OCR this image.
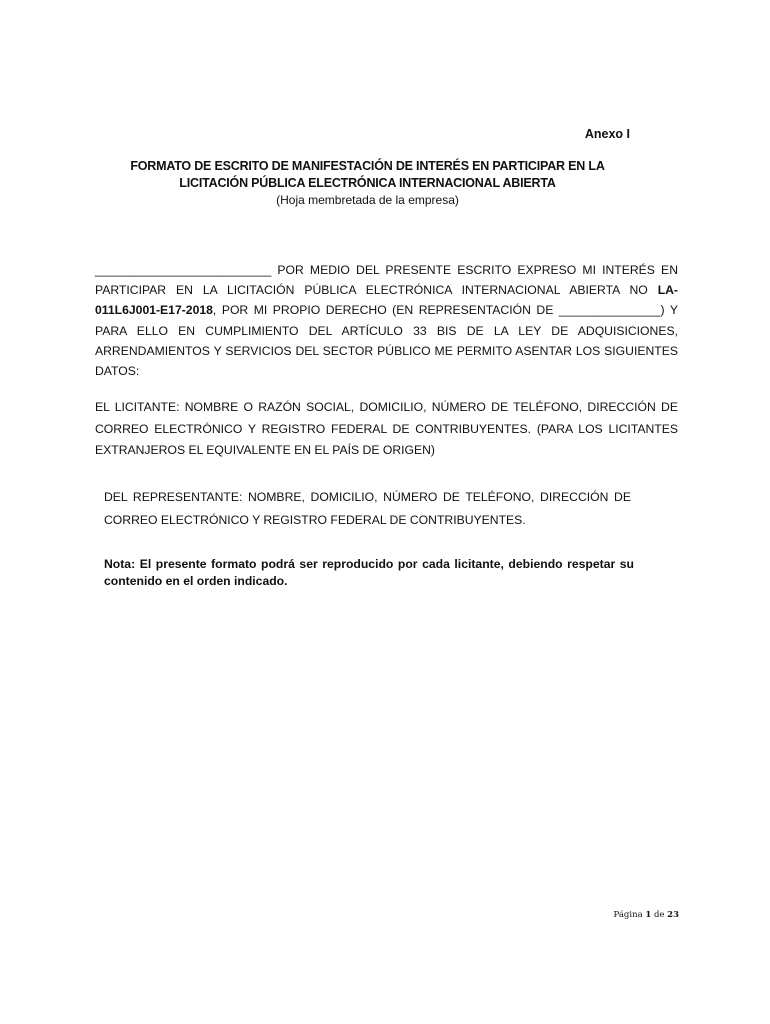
Anexo I
FORMATO DE ESCRITO DE MANIFESTACIÓN DE INTERÉS EN PARTICIPAR EN LA
LICITACIÓN PÚBLICA ELECTRÓNICA INTERNACIONAL ABIERTA
(Hoja membretada de la empresa)
__________________________ POR MEDIO DEL PRESENTE ESCRITO EXPRESO MI INTERÉS EN PARTICIPAR EN LA LICITACIÓN PÚBLICA ELECTRÓNICA INTERNACIONAL ABIERTA NO LA-011L6J001-E17-2018, POR MI PROPIO DERECHO (EN REPRESENTACIÓN DE _______________) Y PARA ELLO EN CUMPLIMIENTO DEL ARTÍCULO 33 BIS DE LA LEY DE ADQUISICIONES, ARRENDAMIENTOS Y SERVICIOS DEL SECTOR PÚBLICO ME PERMITO ASENTAR LOS SIGUIENTES DATOS:
EL LICITANTE: NOMBRE O RAZÓN SOCIAL, DOMICILIO, NÚMERO DE TELÉFONO, DIRECCIÓN DE CORREO ELECTRÓNICO Y REGISTRO FEDERAL DE CONTRIBUYENTES. (PARA LOS LICITANTES EXTRANJEROS EL EQUIVALENTE EN EL PAÍS DE ORIGEN)
DEL REPRESENTANTE: NOMBRE, DOMICILIO, NÚMERO DE TELÉFONO, DIRECCIÓN DE CORREO ELECTRÓNICO Y REGISTRO FEDERAL DE CONTRIBUYENTES.
Nota: El presente formato podrá ser reproducido por cada licitante, debiendo respetar su contenido en el orden indicado.
Página 1 de 23
